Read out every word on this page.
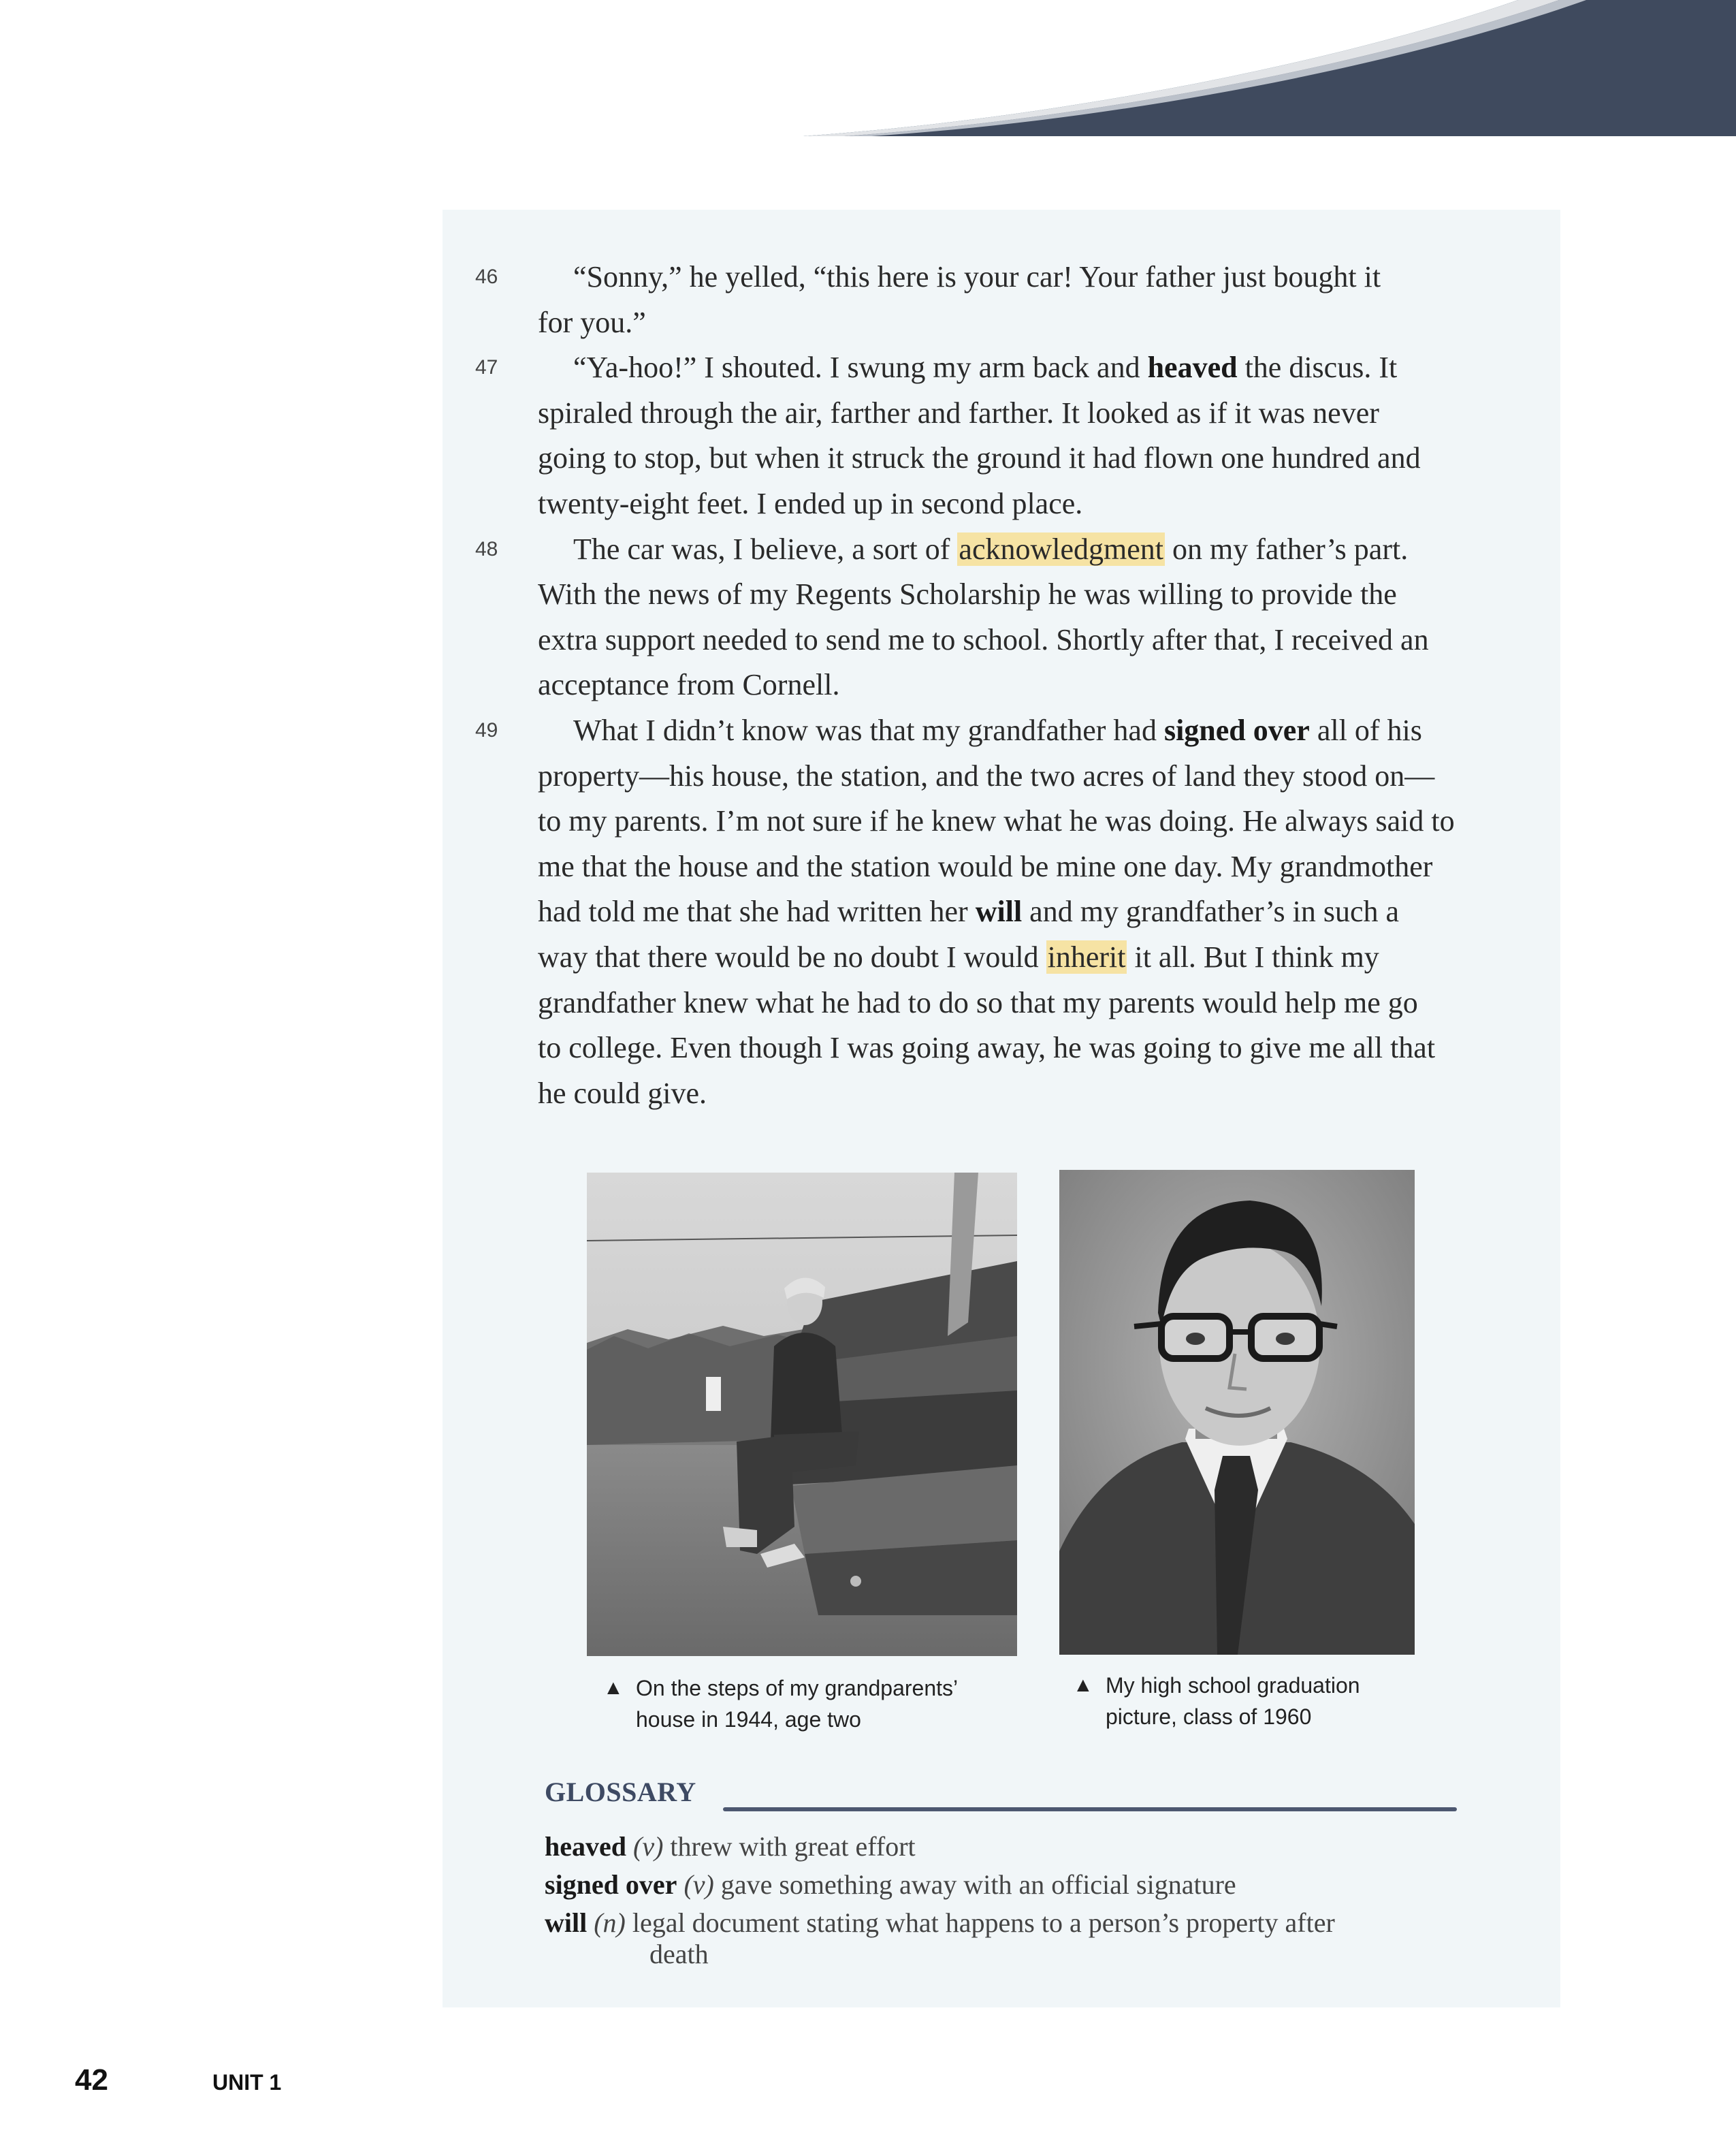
ENGAGE WITH READING
46	“Sonny,” he yelled, “this here is your car! Your father just bought it
for you.”
47	“Ya-hoo!” I shouted. I swung my arm back and heaved the discus. It
spiraled through the air, farther and farther. It looked as if it was never
going to stop, but when it struck the ground it had flown one hundred and
twenty-eight feet. I ended up in second place.
48	The car was, I believe, a sort of acknowledgment on my father’s part.
With the news of my Regents Scholarship he was willing to provide the
extra support needed to send me to school. Shortly after that, I received an
acceptance from Cornell.
49	What I didn’t know was that my grandfather had signed over all of his
property—his house, the station, and the two acres of land they stood on—
to my parents. I’m not sure if he knew what he was doing. He always said to
me that the house and the station would be mine one day. My grandmother
had told me that she had written her will and my grandfather’s in such a
way that there would be no doubt I would inherit it all. But I think my
grandfather knew what he had to do so that my parents would help me go
to college. Even though I was going away, he was going to give me all that
he could give.
▲ On the steps of my grandparents’
house in 1944, age two
▲ My high school graduation
picture, class of 1960
GLOSSARY
heaved (v) threw with great effort
signed over (v) gave something away with an official signature
will (n) legal document stating what happens to a person’s property after
death
42	UNIT 1
